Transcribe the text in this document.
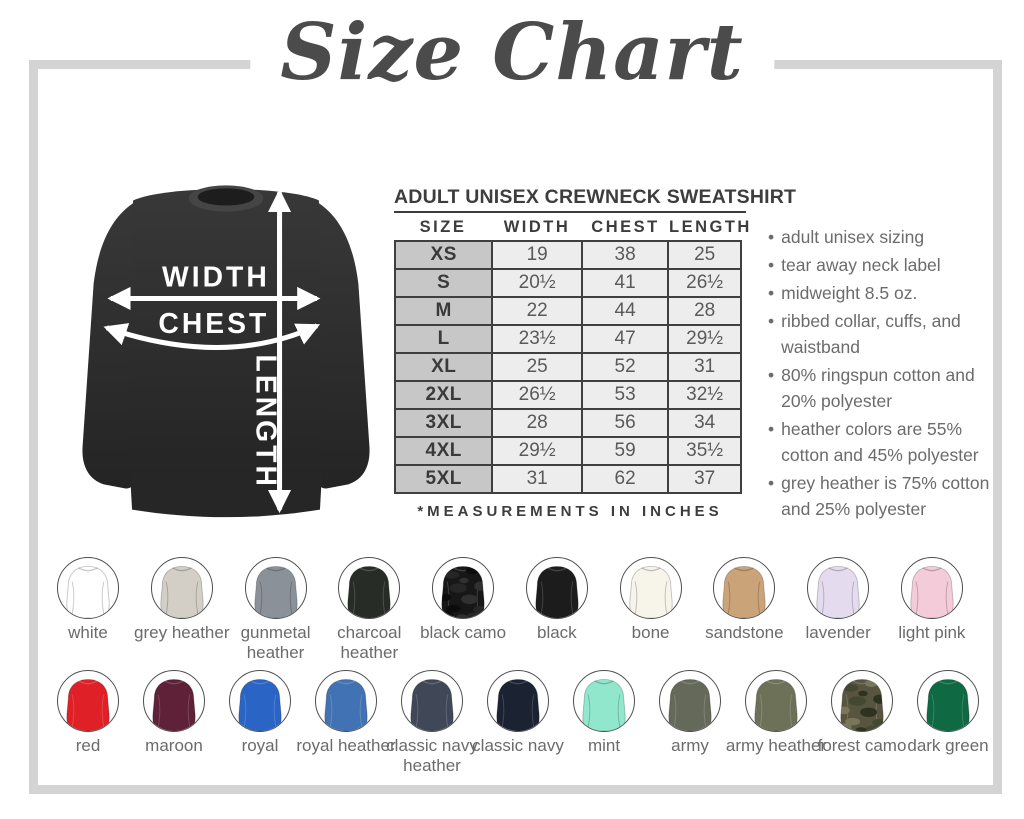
Size Chart
WIDTH
CHEST
LENGTH
ADULT UNISEX CREWNECK SWEATSHIRT
SIZE	WIDTH	CHEST LENGTH
XS	19	38	25
S	20½	41	26½
M	22	44	28
L	23½	47	29½
XL	25	52	31
2XL	26½	53	32½
3XL	28	56	34
4XL	29½	59	35½
5XL	31	62	37
*MEASUREMENTS IN INCHES
• adult unisex sizing
• tear away neck label
• midweight 8.5 oz.
• ribbed collar, cuffs, and waistband
• 80% ringspun cotton and 20% polyester
• heather colors are 55% cotton and 45% polyester
• grey heather is 75% cotton and 25% polyester
white	grey heather gunmetal heather
charcoal heather
black camo	black	bone	sandstone	lavender	light pink
red	maroon	royal	royal heather
classic navy heather
classic navy	mint	army	army heather
forest camo dark green
